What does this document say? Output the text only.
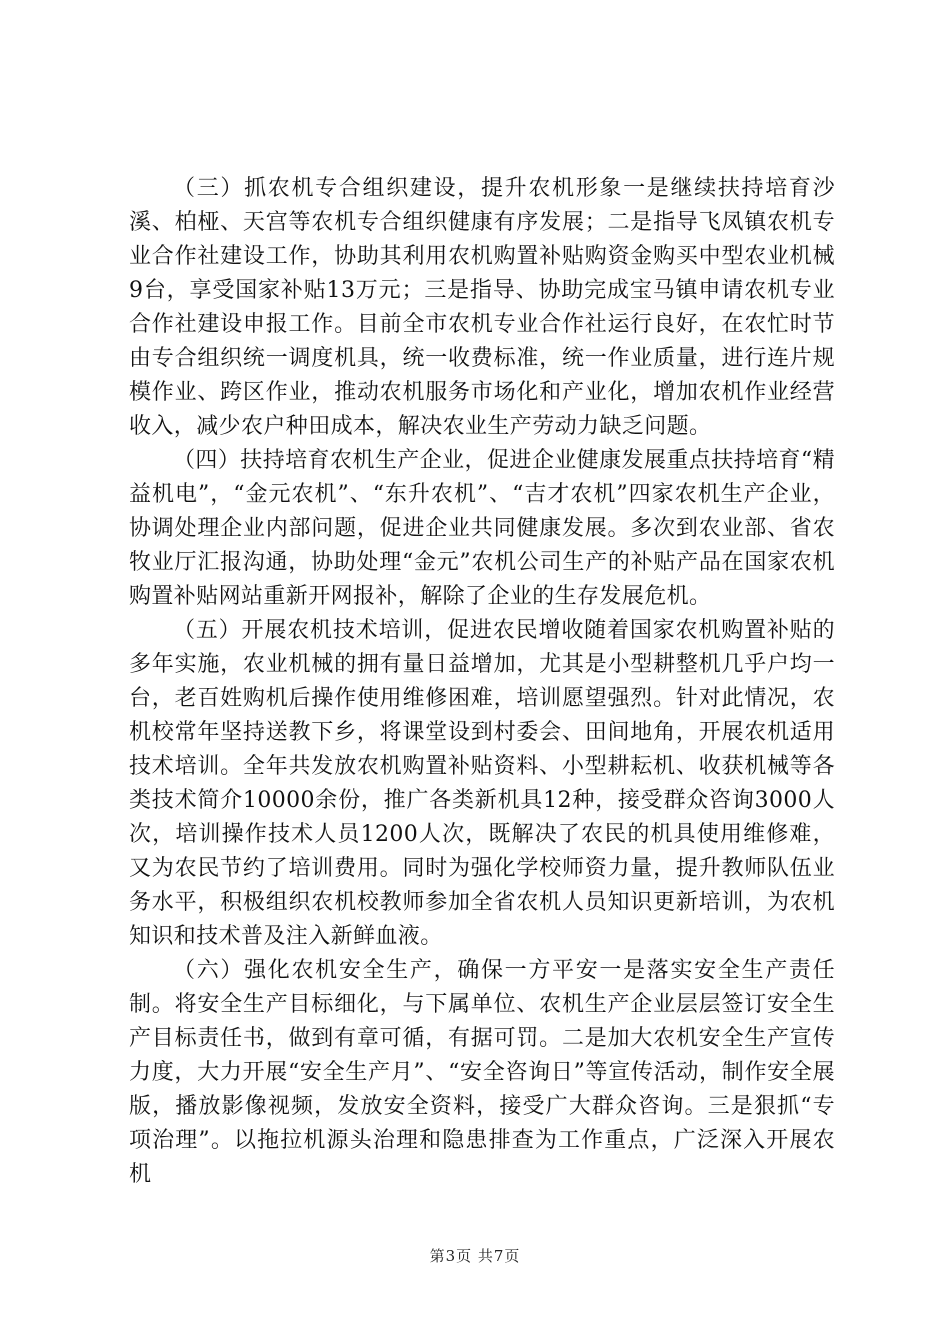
（三）抓农机专合组织建设，提升农机形象一是继续扶持培育沙溪、柏桠、天宫等农机专合组织健康有序发展；二是指导飞凤镇农机专业合作社建设工作，协助其利用农机购置补贴购资金购买中型农业机械9台，享受国家补贴13万元；三是指导、协助完成宝马镇申请农机专业合作社建设申报工作。目前全市农机专业合作社运行良好，在农忙时节由专合组织统一调度机具，统一收费标准，统一作业质量，进行连片规模作业、跨区作业，推动农机服务市场化和产业化，增加农机作业经营收入，减少农户种田成本，解决农业生产劳动力缺乏问题。

（四）扶持培育农机生产企业，促进企业健康发展重点扶持培育“精益机电”，“金元农机”、“东升农机”、“吉才农机”四家农机生产企业，协调处理企业内部问题，促进企业共同健康发展。多次到农业部、省农牧业厅汇报沟通，协助处理“金元”农机公司生产的补贴产品在国家农机购置补贴网站重新开网报补，解除了企业的生存发展危机。

（五）开展农机技术培训，促进农民增收随着国家农机购置补贴的多年实施，农业机械的拥有量日益增加，尤其是小型耕整机几乎户均一台，老百姓购机后操作使用维修困难，培训愿望强烈。针对此情况，农机校常年坚持送教下乡，将课堂设到村委会、田间地角，开展农机适用技术培训。全年共发放农机购置补贴资料、小型耕耘机、收获机械等各类技术简介10000余份，推广各类新机具12种，接受群众咨询3000人次，培训操作技术人员1200人次，既解决了农民的机具使用维修难，又为农民节约了培训费用。同时为强化学校师资力量，提升教师队伍业务水平，积极组织农机校教师参加全省农机人员知识更新培训，为农机知识和技术普及注入新鲜血液。

（六）强化农机安全生产，确保一方平安一是落实安全生产责任制。将安全生产目标细化，与下属单位、农机生产企业层层签订安全生产目标责任书，做到有章可循，有据可罚。二是加大农机安全生产宣传力度，大力开展“安全生产月”、“安全咨询日”等宣传活动，制作安全展版，播放影像视频，发放安全资料，接受广大群众咨询。三是狠抓“专项治理”。以拖拉机源头治理和隐患排查为工作重点，广泛深入开展农机

第3页 共7页
